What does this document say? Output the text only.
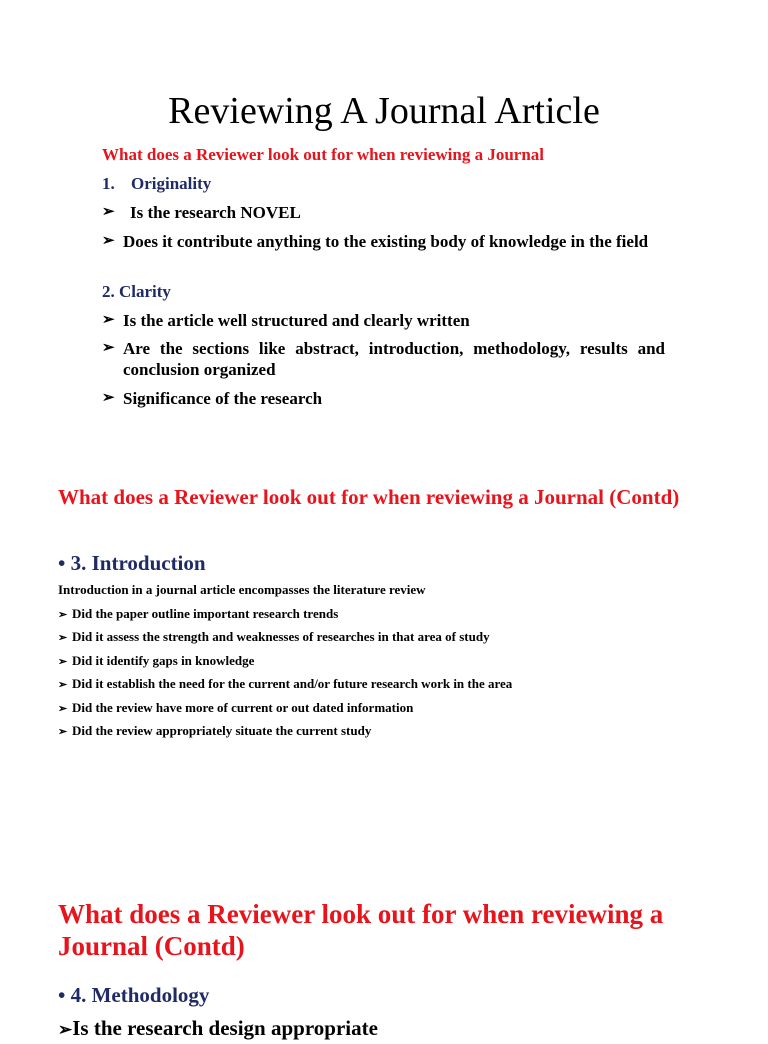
Reviewing A Journal Article
What does a Reviewer look out for when reviewing a Journal
1. Originality
➢ Is the research NOVEL
➢ Does it contribute anything to the existing body of knowledge in the field
2. Clarity
➢ Is the article well structured and clearly written
➢ Are the sections like abstract, introduction, methodology, results and conclusion organized
➢ Significance of the research
What does a Reviewer look out for when reviewing a Journal (Contd)
• 3. Introduction
Introduction in a journal article encompasses the literature review
➢ Did the paper outline important research trends
➢ Did it assess the strength and weaknesses of researches in that area of study
➢ Did it identify gaps in knowledge
➢ Did it establish the need for the current and/or future research work in the area
➢ Did the review have more of current or out dated information
➢ Did the review appropriately situate the current study
What does a Reviewer look out for when reviewing a Journal (Contd)
• 4. Methodology
➢Is the research design appropriate
